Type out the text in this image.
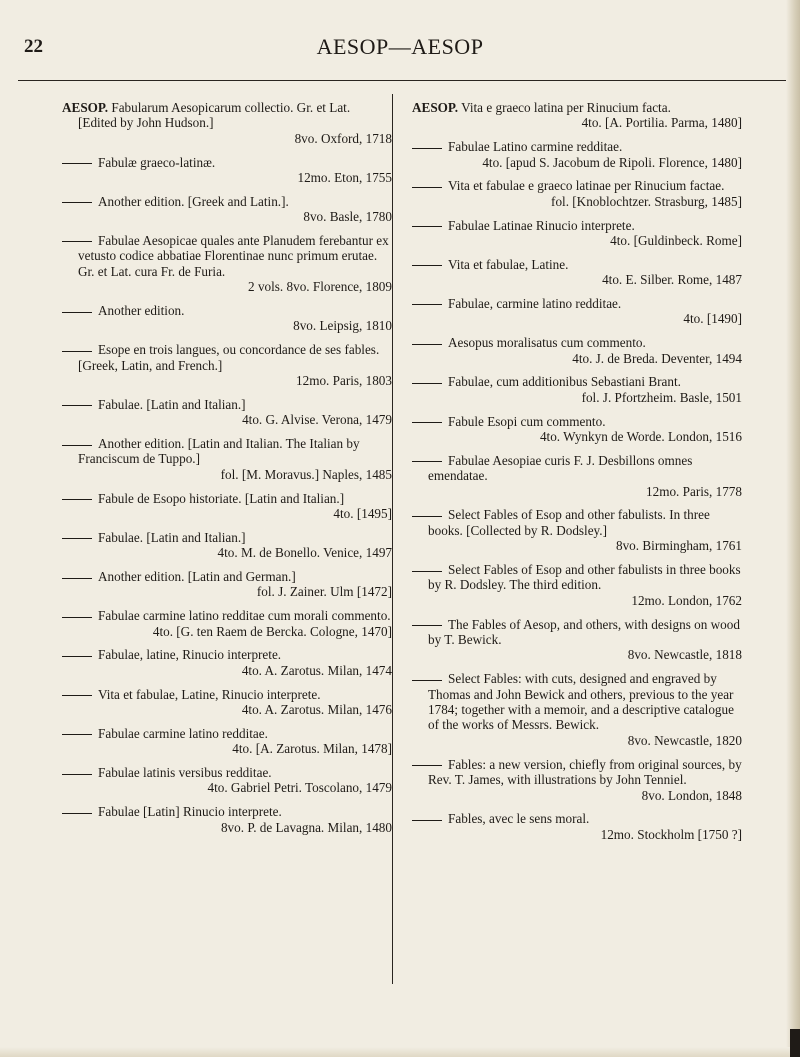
22	AESOP—AESOP
AESOP. Fabularum Aesopicarum collectio. Gr. et Lat. [Edited by John Hudson.]
8vo. Oxford, 1718
Fabulæ graeco-latinæ.
12mo. Eton, 1755
Another edition. [Greek and Latin.].
8vo. Basle, 1780
Fabulae Aesopicae quales ante Planudem ferebantur ex vetusto codice abbatiae Florentinae nunc primum erutae. Gr. et Lat. cura Fr. de Furia.
2 vols. 8vo. Florence, 1809
Another edition.
8vo. Leipsig, 1810
Esope en trois langues, ou concordance de ses fables. [Greek, Latin, and French.]
12mo. Paris, 1803
Fabulae. [Latin and Italian.]
4to. G. Alvise. Verona, 1479
Another edition. [Latin and Italian. The Italian by Franciscum de Tuppo.]
fol. [M. Moravus.] Naples, 1485
Fabule de Esopo historiate. [Latin and Italian.]
4to. [1495]
Fabulae. [Latin and Italian.]
4to. M. de Bonello. Venice, 1497
Another edition. [Latin and German.]
fol. J. Zainer. Ulm [1472]
Fabulae carmine latino redditae cum morali commento.
4to. [G. ten Raem de Bercka. Cologne, 1470]
Fabulae, latine, Rinucio interprete.
4to. A. Zarotus. Milan, 1474
Vita et fabulae, Latine, Rinucio interprete.
4to. A. Zarotus. Milan, 1476
Fabulae carmine latino redditae.
4to. [A. Zarotus. Milan, 1478]
Fabulae latinis versibus redditae.
4to. Gabriel Petri. Toscolano, 1479
Fabulae [Latin] Rinucio interprete.
8vo. P. de Lavagna. Milan, 1480
AESOP. Vita e graeco latina per Rinucium facta.
4to. [A. Portilia. Parma, 1480]
Fabulae Latino carmine redditae.
4to. [apud S. Jacobum de Ripoli. Florence, 1480]
Vita et fabulae e graeco latinae per Rinucium factae.
fol. [Knoblochtzer. Strasburg, 1485]
Fabulae Latinae Rinucio interprete.
4to. [Guldinbeck. Rome]
Vita et fabulae, Latine.
4to. E. Silber. Rome, 1487
Fabulae, carmine latino redditae.
4to. [1490]
Aesopus moralisatus cum commento.
4to. J. de Breda. Deventer, 1494
Fabulae, cum additionibus Sebastiani Brant.
fol. J. Pfortzheim. Basle, 1501
Fabule Esopi cum commento.
4to. Wynkyn de Worde. London, 1516
Fabulae Aesopiae curis F. J. Desbillons omnes emendatae.
12mo. Paris, 1778
Select Fables of Esop and other fabulists. In three books. [Collected by R. Dodsley.]
8vo. Birmingham, 1761
Select Fables of Esop and other fabulists in three books by R. Dodsley. The third edition.
12mo. London, 1762
The Fables of Aesop, and others, with designs on wood by T. Bewick.
8vo. Newcastle, 1818
Select Fables: with cuts, designed and engraved by Thomas and John Bewick and others, previous to the year 1784; together with a memoir, and a descriptive catalogue of the works of Messrs. Bewick.
8vo. Newcastle, 1820
Fables: a new version, chiefly from original sources, by Rev. T. James, with illustrations by John Tenniel.
8vo. London, 1848
Fables, avec le sens moral.
12mo. Stockholm [1750 ?]
